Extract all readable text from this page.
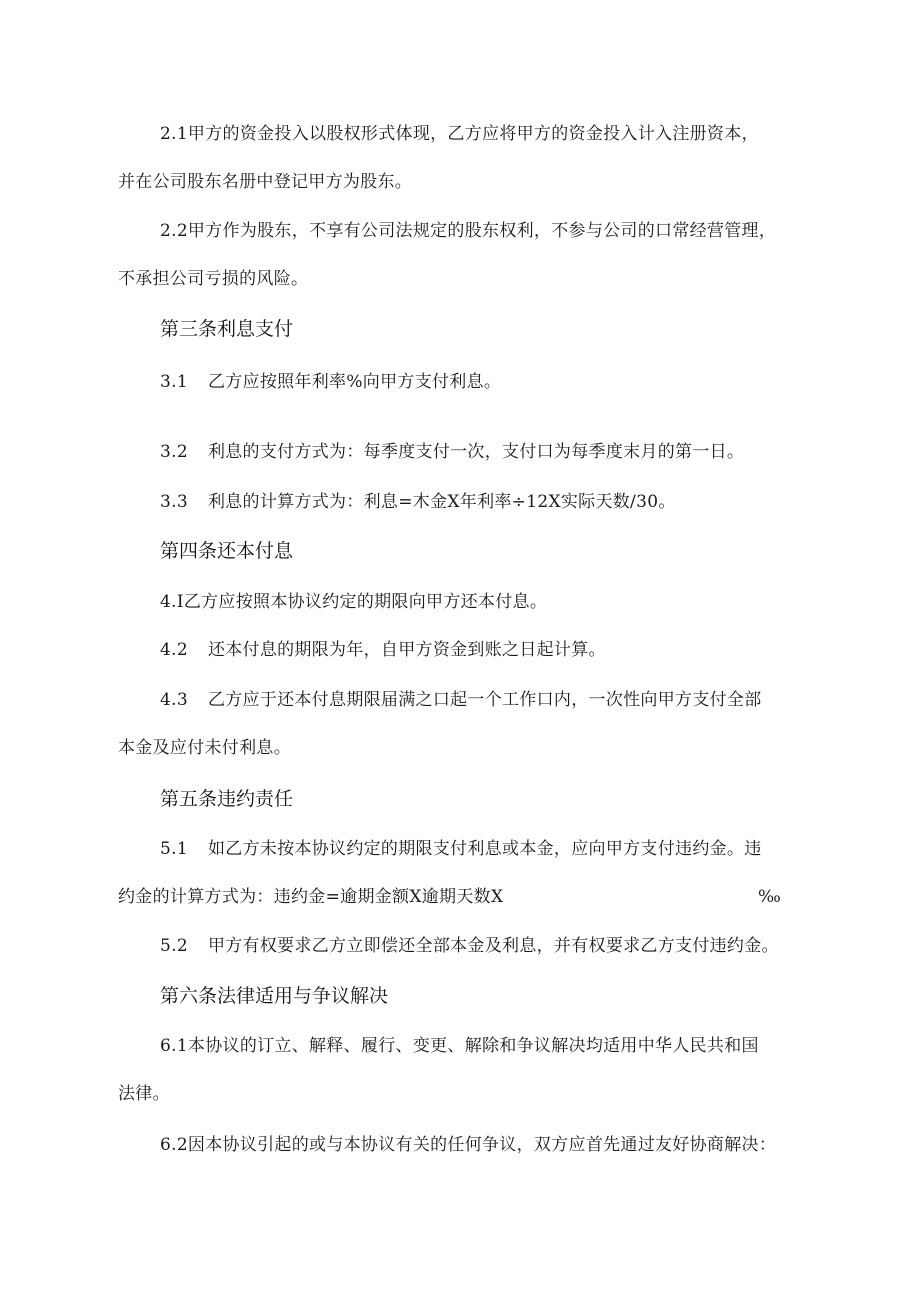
2.1甲方的资金投入以股权形式体现，乙方应将甲方的资金投入计入注册资本，
并在公司股东名册中登记甲方为股东。
2.2甲方作为股东，不享有公司法规定的股东权利，不参与公司的口常经营管理，
不承担公司亏损的风险。
第三条利息支付
3.1 乙方应按照年利率%向甲方支付利息。
3.2 利息的支付方式为：每季度支付一次，支付口为每季度末月的第一日。
3.3 利息的计算方式为：利息=木金X年利率÷12X实际天数/30。
第四条还本付息
4.I乙方应按照本协议约定的期限向甲方还本付息。
4.2 还本付息的期限为年，自甲方资金到账之日起计算。
4.3 乙方应于还本付息期限届满之口起一个工作口内，一次性向甲方支付全部
本金及应付未付利息。
第五条违约责任
5.1 如乙方未按本协议约定的期限支付利息或本金，应向甲方支付违约金。违
约金的计算方式为：违约金=逾期金额X逾期天数X	‰
5.2 甲方有权要求乙方立即偿还全部本金及利息，并有权要求乙方支付违约金。
第六条法律适用与争议解决
6.1本协议的订立、解释、履行、变更、解除和争议解决均适用中华人民共和国
法律。
6.2因本协议引起的或与本协议有关的任何争议，双方应首先通过友好协商解决：
